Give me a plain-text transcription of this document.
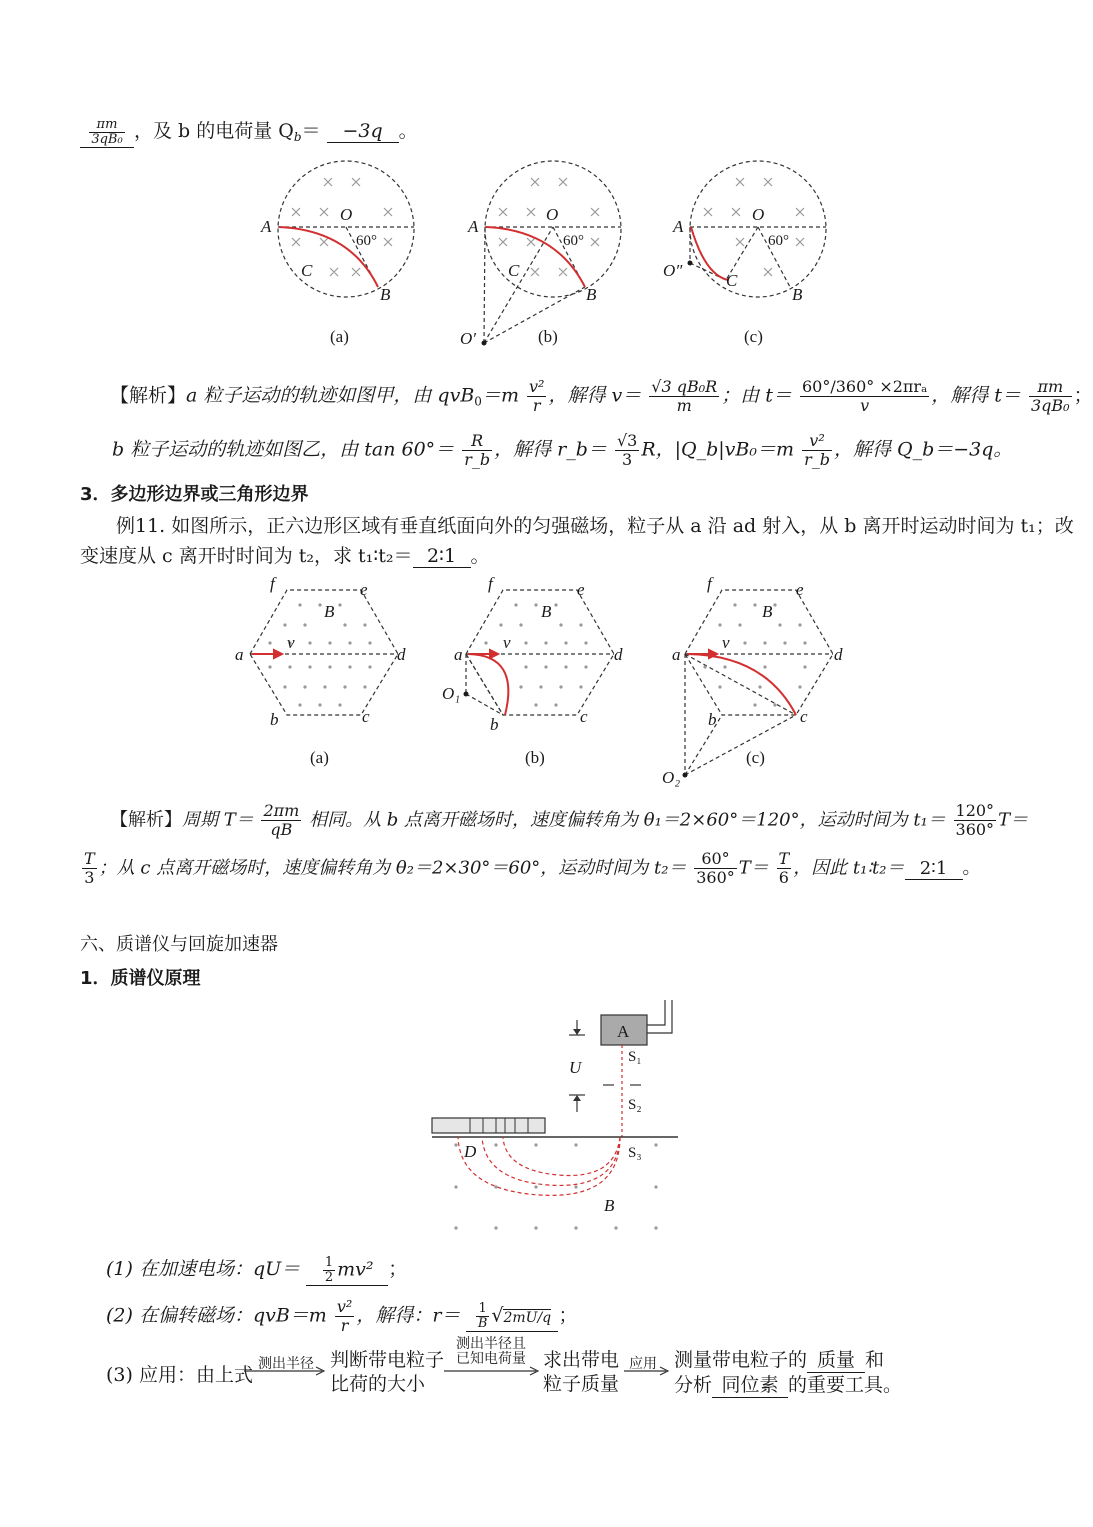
$\frac{\pi m}{\text{3qB₀}}$ ，及 b 的电荷量 $Q_b= -3q$ 。
A
O
C
B
A
O
C
B
O′
A
O
C
B
O″
60°	60°	60°
(a)	(b)	(c)
【解析】a 粒子运动的轨迹如图甲，由 $qvB_0=m \frac{\text{v²}}{r}$ ，解得 $v= \frac{\text{√3 qB₀R}}{m}$ ；由 $t= \frac{\text{60°/360° ×2πrₐ}}{v}$ ，解得 $t= \frac{\pi m}{\text{3qB₀}}$ ；
b 粒子运动的轨迹如图乙，由 $\tan 60^\circ= \frac{R}{r\_b}$ ，解得 r_b＝ $\frac{√3}{3}$ R，|Q_b|vB₀＝m $\frac{\text{v²}}{r\_b}$ ，解得 Q_b＝−3q。
3．多边形边界或三角形边界
例11. 如图所示，正六边形区域有垂直纸面向外的匀强磁场，粒子从 a 沿 ad 射入，从 b 离开时运动时间为 t₁；改
变速度从 c 离开时时间为 t₂，求 t₁∶t₂＝ 2∶1 。
a	d
f	e
b	c
B
v
a	d
f	e
b	c
B
v
O₁
a	d
f	e
b	c
B
v
O₂
(a)	(b)	(c)
【解析】周期 $T= \frac{2\pi m}{qB}$ 相同。从 b 点离开磁场时，速度偏转角为 θ₁＝2×60°＝120°，运动时间为 $t_1= \frac{120^\circ}{360^\circ} T=$
$\frac{T}{3}$ ；从 c 点离开磁场时，速度偏转角为 θ₂＝2×30°＝60°，运动时间为 $t_2= \frac{60^\circ}{360^\circ} T= \frac{T}{6}$ ，因此 t₁∶t₂＝ 2∶1 。
六、质谱仪与回旋加速器
1．质谱仪原理
A
U
S₁
S₂
S₃
D
B
(1) 在加速电场：$qU= \frac{1}{2} mv^2$ ；
(2) 在偏转磁场：$qvB=m \frac{\text{v²}}{r}$ ，解得：$r= \frac{1}{B} √2mU/q$ ；
(3) 应用：由上式 测出半径 判断带电粒子
比荷的大小
测出半径且
已知电荷量 求出带电
粒子质量
应用 测量带电粒子的 质量 和
分析 同位素 的重要工具。
